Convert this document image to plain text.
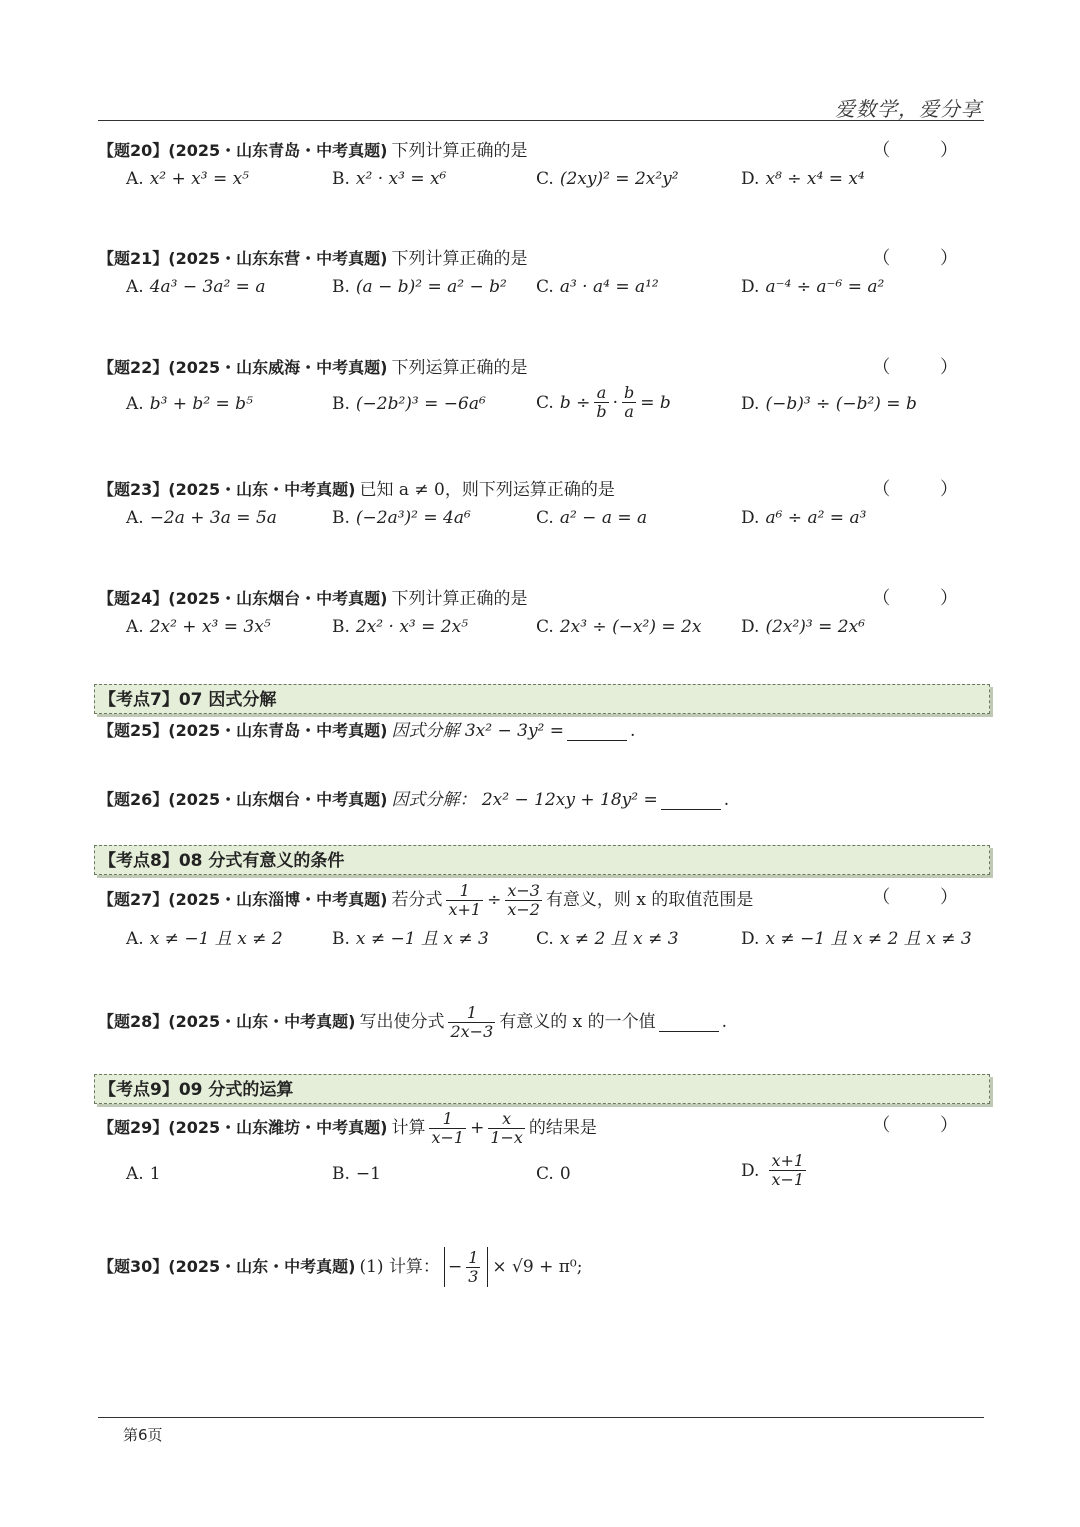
爱数学，爱分享
【题20】 (2025・山东青岛・中考真题) 下列计算正确的是	（ ）
A. x² + x³ = x⁵	B. x² · x³ = x⁶	C. (2xy)² = 2x²y²	D. x⁸ ÷ x⁴ = x⁴
【题21】 (2025・山东东营・中考真题) 下列计算正确的是	（ ）
A. 4a³ − 3a² = a	B. (a − b)² = a² − b² C. a³ · a⁴ = a¹²	D. a⁻⁴ ÷ a⁻⁶ = a²
【题22】 (2025・山东威海・中考真题) 下列运算正确的是	（ ）
A. b³ + b² = b⁵	B. (−2b²)³ = −6a⁶	C. $b \div \frac{a}{b} \cdot \frac{b}{a} = b$	D. (−b)³ ÷ (−b²) = b
【题23】 (2025・山东・中考真题) 已知 a ≠ 0，则下列运算正确的是	（ ）
A. −2a + 3a = 5a	B. (−2a³)² = 4a⁶	C. a² − a = a	D. a⁶ ÷ a² = a³
【题24】 (2025・山东烟台・中考真题) 下列计算正确的是	（ ）
A. 2x² + x³ = 3x⁵	B. 2x² · x³ = 2x⁵	C. 2x³ ÷ (−x²) = 2x D. (2x²)³ = 2x⁶
【考点7】07 因式分解
【题25】 (2025・山东青岛・中考真题) 因式分解 3x² − 3y² =	.
【题26】 (2025・山东烟台・中考真题) 因式分解： 2x² − 12xy + 18y² =	.
【考点8】08 分式有意义的条件
【题27】 (2025・山东淄博・中考真题) 若分式 $\frac{1}{x+1} \div \frac{x-3}{x-2}$ 有意义，则 x 的取值范围是	（ ）
A. x ≠ −1 且 x ≠ 2	B. x ≠ −1 且 x ≠ 3	C. x ≠ 2 且 x ≠ 3	D. x ≠ −1 且 x ≠ 2 且 x ≠ 3
【题28】 (2025・山东・中考真题) 写出使分式 $\frac{1}{2x-3}$ 有意义的 x 的一个值	.
【考点9】09 分式的运算
【题29】 (2025・山东潍坊・中考真题) 计算 $\frac{1}{x-1} + \frac{x}{1-x}$ 的结果是	（ ）
A. 1	B. −1	C. 0	D. $\frac{x+1}{x-1}$
【题30】 (2025・山东・中考真题) (1) 计算： − $\frac{1}{3} \times √9 + \pi^0$;
第6页
